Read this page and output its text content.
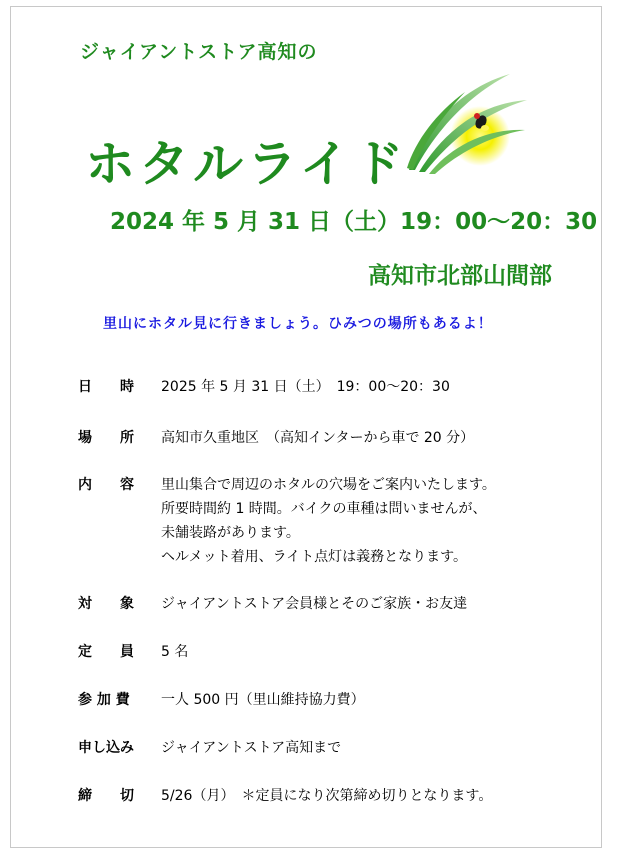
ジャイアントストア高知の
ホタルライド
2024 年 5 月 31 日（土）19：00～20：30
高知市北部山間部
里山にホタル見に行きましょう。ひみつの場所もあるよ！
日　　時	2025 年 5 月 31 日（土）　19：00～20：30
場　　所	高知市久重地区　（高知インターから車で 20 分）
内　　容	里山集合で周辺のホタルの穴場をご案内いたします。
所要時間約 1 時間。バイクの車種は問いませんが、
未舗装路があります。
ヘルメット着用、ライト点灯は義務となります。
対　　象	ジャイアントストア会員様とそのご家族・お友達
定　　員	5 名
参 加 費	一人 500 円（里山維持協力費）
申し込み	ジャイアントストア高知まで
締　　切	5/26（月）　＊定員になり次第締め切りとなります。
